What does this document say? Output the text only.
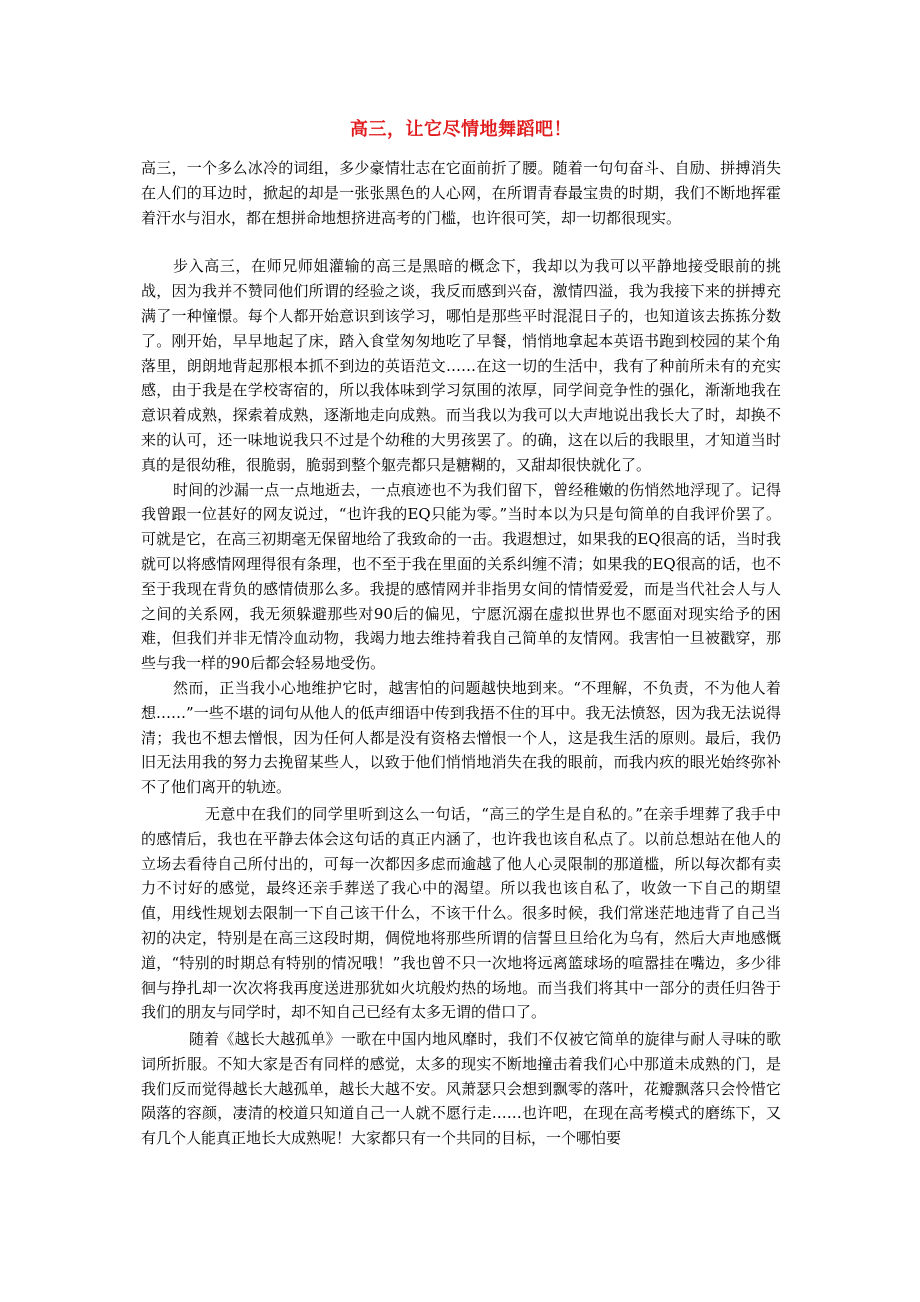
高三，让它尽情地舞蹈吧！

高三，一个多么冰冷的词组，多少豪情壮志在它面前折了腰。随着一句句奋斗、自励、拼搏消失在人们的耳边时，掀起的却是一张张黑色的人心网，在所谓青春最宝贵的时期，我们不断地挥霍着汗水与泪水，都在想拼命地想挤进高考的门槛，也许很可笑，却一切都很现实。

步入高三，在师兄师姐灌输的高三是黑暗的概念下，我却以为我可以平静地接受眼前的挑战，因为我并不赞同他们所谓的经验之谈，我反而感到兴奋，激情四溢，我为我接下来的拼搏充满了一种憧憬。每个人都开始意识到该学习，哪怕是那些平时混混日子的，也知道该去拣拣分数了。刚开始，早早地起了床，踏入食堂匆匆地吃了早餐，悄悄地拿起本英语书跑到校园的某个角落里，朗朗地背起那根本抓不到边的英语范文……在这一切的生活中，我有了种前所未有的充实感，由于我是在学校寄宿的，所以我体味到学习氛围的浓厚，同学间竞争性的强化，渐渐地我在意识着成熟，探索着成熟，逐渐地走向成熟。而当我以为我可以大声地说出我长大了时，却换不来的认可，还一味地说我只不过是个幼稚的大男孩罢了。的确，这在以后的我眼里，才知道当时真的是很幼稚，很脆弱，脆弱到整个躯壳都只是糖糊的，又甜却很快就化了。

时间的沙漏一点一点地逝去，一点痕迹也不为我们留下，曾经稚嫩的伤悄然地浮现了。记得我曾跟一位甚好的网友说过，“也许我的EQ只能为零。”当时本以为只是句简单的自我评价罢了。可就是它，在高三初期毫无保留地给了我致命的一击。我遐想过，如果我的EQ很高的话，当时我就可以将感情网理得很有条理，也不至于我在里面的关系纠缠不清；如果我的EQ很高的话，也不至于我现在背负的感情债那么多。我提的感情网并非指男女间的情情爱爱，而是当代社会人与人之间的关系网，我无须躲避那些对90后的偏见，宁愿沉溺在虚拟世界也不愿面对现实给予的困难，但我们并非无情冷血动物，我竭力地去维持着我自己简单的友情网。我害怕一旦被戳穿，那些与我一样的90后都会轻易地受伤。

然而，正当我小心地维护它时，越害怕的问题越快地到来。“不理解，不负责，不为他人着想……”一些不堪的词句从他人的低声细语中传到我捂不住的耳中。我无法愤怒，因为我无法说得清；我也不想去憎恨，因为任何人都是没有资格去憎恨一个人，这是我生活的原则。最后，我仍旧无法用我的努力去挽留某些人，以致于他们悄悄地消失在我的眼前，而我内疚的眼光始终弥补不了他们离开的轨迹。

无意中在我们的同学里听到这么一句话，“高三的学生是自私的。”在亲手埋葬了我手中的感情后，我也在平静去体会这句话的真正内涵了，也许我也该自私点了。以前总想站在他人的立场去看待自己所付出的，可每一次都因多虑而逾越了他人心灵限制的那道槛，所以每次都有卖力不讨好的感觉，最终还亲手葬送了我心中的渴望。所以我也该自私了，收敛一下自己的期望值，用线性规划去限制一下自己该干什么，不该干什么。很多时候，我们常迷茫地违背了自己当初的决定，特别是在高三这段时期，倜傥地将那些所谓的信誓旦旦给化为乌有，然后大声地感慨道，“特别的时期总有特别的情况哦！”我也曾不只一次地将远离篮球场的喧嚣挂在嘴边，多少徘徊与挣扎却一次次将我再度送进那犹如火坑般灼热的场地。而当我们将其中一部分的责任归咎于我们的朋友与同学时，却不知自己已经有太多无谓的借口了。

随着《越长大越孤单》一歌在中国内地风靡时，我们不仅被它简单的旋律与耐人寻味的歌词所折服。不知大家是否有同样的感觉，太多的现实不断地撞击着我们心中那道未成熟的门，是我们反而觉得越长大越孤单，越长大越不安。风萧瑟只会想到飘零的落叶，花瓣飘落只会怜惜它陨落的容颜，凄清的校道只知道自己一人就不愿行走……也许吧，在现在高考模式的磨练下，又有几个人能真正地长大成熟呢！大家都只有一个共同的目标，一个哪怕要
